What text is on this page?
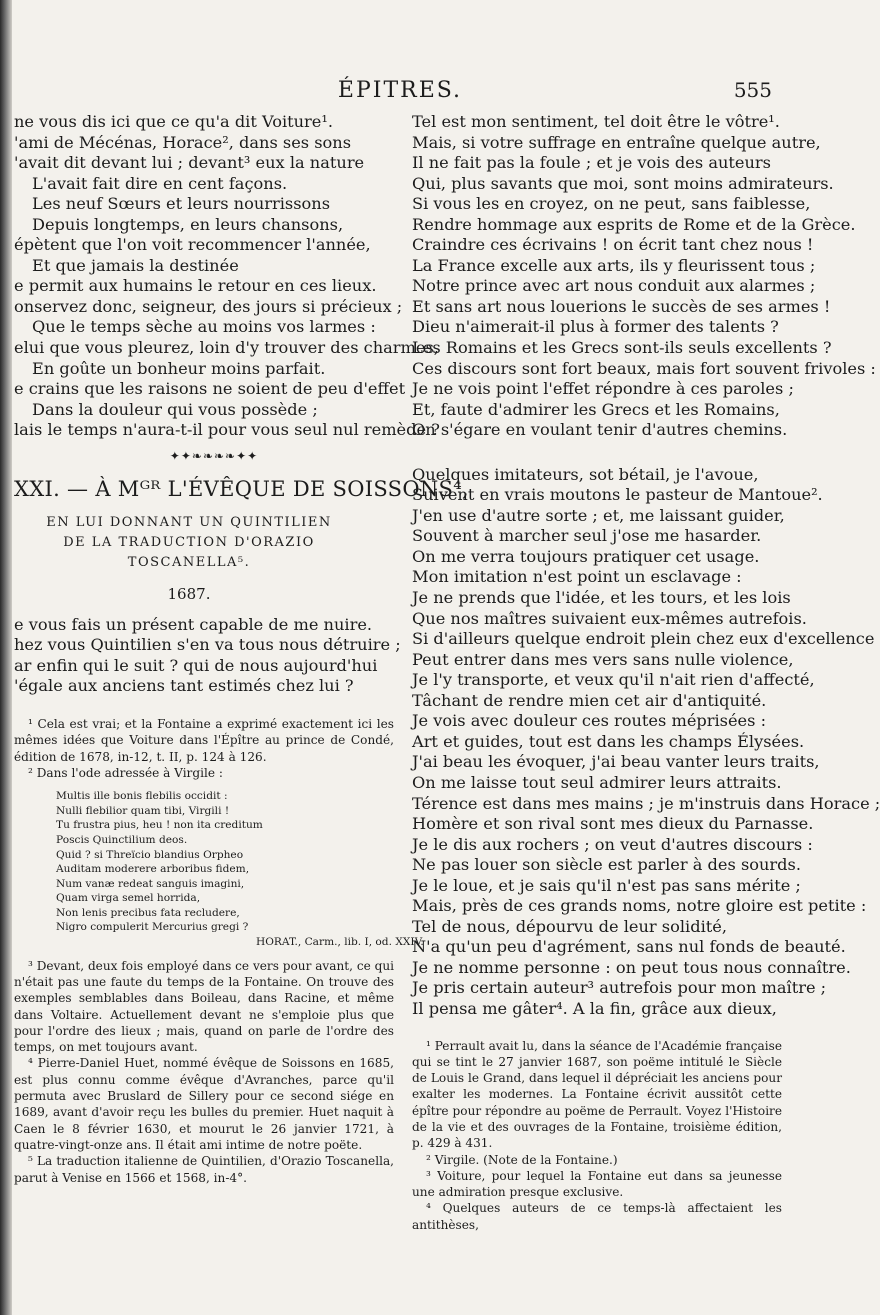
ÉPITRES.	555
ne vous dis ici que ce qu'a dit Voiture¹.
'ami de Mécénas, Horace², dans ses sons
'avait dit devant lui ; devant³ eux la nature
L'avait fait dire en cent façons.
Les neuf Sœurs et leurs nourrissons
Depuis longtemps, en leurs chansons,
épètent que l'on voit recommencer l'année,
Et que jamais la destinée
e permit aux humains le retour en ces lieux.
onservez donc, seigneur, des jours si précieux ;
Que le temps sèche au moins vos larmes :
elui que vous pleurez, loin d'y trouver des charmes,
En goûte un bonheur moins parfait.
e crains que les raisons ne soient de peu d'effet
Dans la douleur qui vous possède ;
lais le temps n'aura-t-il pour vous seul nul remède ?
✦✦❧❧❧❧✦✦
XXI. — À Mᴳᴿ L'ÉVÊQUE DE SOISSONS⁴,
EN LUI DONNANT UN QUINTILIEN
DE LA TRADUCTION D'ORAZIO TOSCANELLA⁵.
1687.
e vous fais un présent capable de me nuire.
hez vous Quintilien s'en va tous nous détruire ;
ar enfin qui le suit ? qui de nous aujourd'hui
'égale aux anciens tant estimés chez lui ?
¹ Cela est vrai; et la Fontaine a exprimé exactement ici les mêmes idées que Voiture dans l'Épître au prince de Condé, édition de 1678, in-12, t. II, p. 124 à 126.
² Dans l'ode adressée à Virgile :
Multis ille bonis flebilis occidit :
Nulli flebilior quam tibi, Virgili !
Tu frustra pius, heu ! non ita creditum
Poscis Quinctilium deos.
Quid ? si Threïcio blandius Orpheo
Auditam moderere arboribus fidem,
Num vanæ redeat sanguis imagini,
Quam virga semel horrida,
Non lenis precibus fata recludere,
Nigro compulerit Mercurius gregi ?
HORAT., Carm., lib. I, od. XXIV.
³ Devant, deux fois employé dans ce vers pour avant, ce qui n'était pas une faute du temps de la Fontaine. On trouve des exemples semblables dans Boileau, dans Racine, et même dans Voltaire. Actuellement devant ne s'emploie plus que pour l'ordre des lieux ; mais, quand on parle de l'ordre des temps, on met toujours avant.
⁴ Pierre-Daniel Huet, nommé évêque de Soissons en 1685, est plus connu comme évêque d'Avranches, parce qu'il permuta avec Bruslard de Sillery pour ce second siége en 1689, avant d'avoir reçu les bulles du premier. Huet naquit à Caen le 8 février 1630, et mourut le 26 janvier 1721, à quatre-vingt-onze ans. Il était ami intime de notre poëte.
⁵ La traduction italienne de Quintilien, d'Orazio Toscanella, parut à Venise en 1566 et 1568, in-4°.
Tel est mon sentiment, tel doit être le vôtre¹.
Mais, si votre suffrage en entraîne quelque autre,
Il ne fait pas la foule ; et je vois des auteurs
Qui, plus savants que moi, sont moins admirateurs.
Si vous les en croyez, on ne peut, sans faiblesse,
Rendre hommage aux esprits de Rome et de la Grèce.
Craindre ces écrivains ! on écrit tant chez nous !
La France excelle aux arts, ils y fleurissent tous ;
Notre prince avec art nous conduit aux alarmes ;
Et sans art nous louerions le succès de ses armes !
Dieu n'aimerait-il plus à former des talents ?
Les Romains et les Grecs sont-ils seuls excellents ?
Ces discours sont fort beaux, mais fort souvent frivoles :
Je ne vois point l'effet répondre à ces paroles ;
Et, faute d'admirer les Grecs et les Romains,
On s'égare en voulant tenir d'autres chemins.
Quelques imitateurs, sot bétail, je l'avoue,
Suivent en vrais moutons le pasteur de Mantoue².
J'en use d'autre sorte ; et, me laissant guider,
Souvent à marcher seul j'ose me hasarder.
On me verra toujours pratiquer cet usage.
Mon imitation n'est point un esclavage :
Je ne prends que l'idée, et les tours, et les lois
Que nos maîtres suivaient eux-mêmes autrefois.
Si d'ailleurs quelque endroit plein chez eux d'excellence
Peut entrer dans mes vers sans nulle violence,
Je l'y transporte, et veux qu'il n'ait rien d'affecté,
Tâchant de rendre mien cet air d'antiquité.
Je vois avec douleur ces routes méprisées :
Art et guides, tout est dans les champs Élysées.
J'ai beau les évoquer, j'ai beau vanter leurs traits,
On me laisse tout seul admirer leurs attraits.
Térence est dans mes mains ; je m'instruis dans Horace ;
Homère et son rival sont mes dieux du Parnasse.
Je le dis aux rochers ; on veut d'autres discours :
Ne pas louer son siècle est parler à des sourds.
Je le loue, et je sais qu'il n'est pas sans mérite ;
Mais, près de ces grands noms, notre gloire est petite :
Tel de nous, dépourvu de leur solidité,
N'a qu'un peu d'agrément, sans nul fonds de beauté.
Je ne nomme personne : on peut tous nous connaître.
Je pris certain auteur³ autrefois pour mon maître ;
Il pensa me gâter⁴. A la fin, grâce aux dieux,
¹ Perrault avait lu, dans la séance de l'Académie française qui se tint le 27 janvier 1687, son poëme intitulé le Siècle de Louis le Grand, dans lequel il dépréciait les anciens pour exalter les modernes. La Fontaine écrivit aussitôt cette épître pour répondre au poëme de Perrault. Voyez l'Histoire de la vie et des ouvrages de la Fontaine, troisième édition, p. 429 à 431.
² Virgile. (Note de la Fontaine.)
³ Voiture, pour lequel la Fontaine eut dans sa jeunesse une admiration presque exclusive.
⁴ Quelques auteurs de ce temps-là affectaient les antithèses,
